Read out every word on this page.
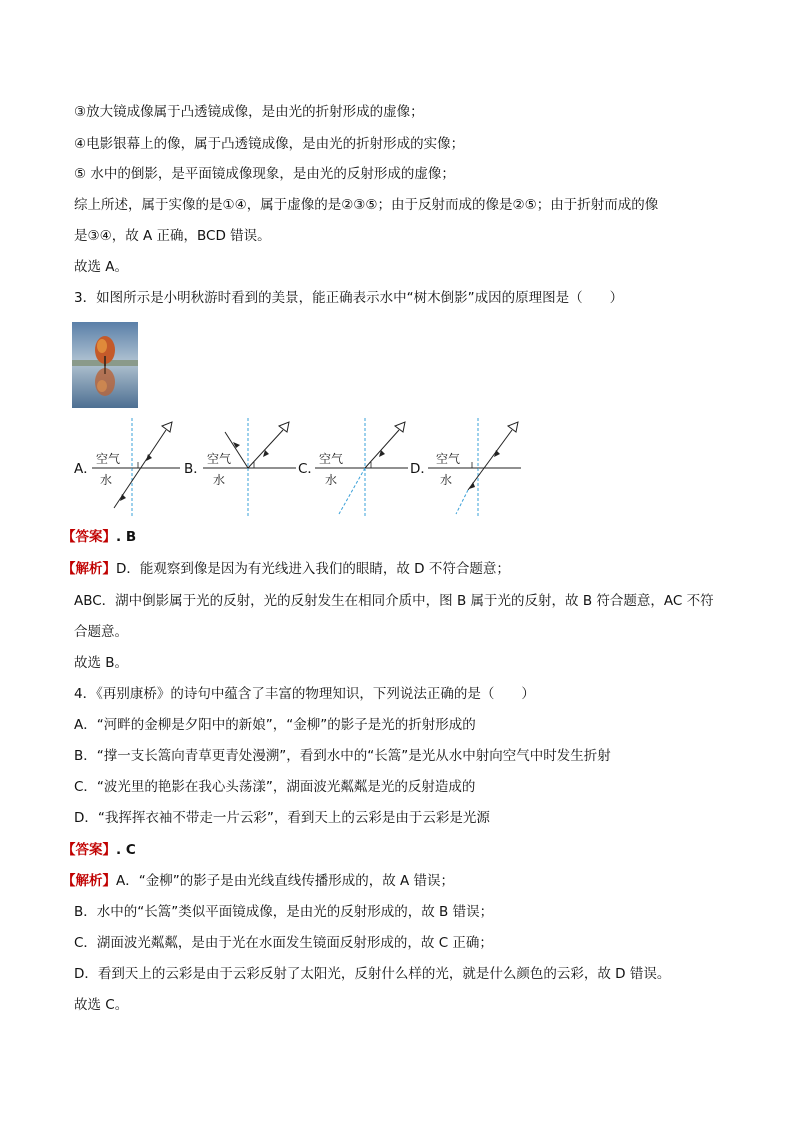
③放大镜成像属于凸透镜成像，是由光的折射形成的虚像；
④电影银幕上的像，属于凸透镜成像，是由光的折射形成的实像；
⑤ 水中的倒影，是平面镜成像现象，是由光的反射形成的虚像；
综上所述，属于实像的是①④，属于虚像的是②③⑤；由于反射而成的像是②⑤；由于折射而成的像
是③④，故 A 正确，BCD 错误。
故选 A。
3．如图所示是小明秋游时看到的美景，能正确表示水中“树木倒影”成因的原理图是（　　）
A．	B．	C．	D．
空气
水
空气
水
空气
水
空气
水
【答案】. B
【解析】D．能观察到像是因为有光线进入我们的眼睛，故 D 不符合题意；
ABC．湖中倒影属于光的反射，光的反射发生在相同介质中，图 B 属于光的反射，故 B 符合题意，AC 不符
合题意。
故选 B。
4．《再别康桥》的诗句中蕴含了丰富的物理知识，下列说法正确的是（　　）
A．“河畔的金柳是夕阳中的新娘”，“金柳”的影子是光的折射形成的
B．“撑一支长篙向青草更青处漫溯”，看到水中的“长篙”是光从水中射向空气中时发生折射
C．“波光里的艳影在我心头荡漾”，湖面波光粼粼是光的反射造成的
D．“我挥挥衣袖不带走一片云彩”，看到天上的云彩是由于云彩是光源
【答案】. C
【解析】A．“金柳”的影子是由光线直线传播形成的，故 A 错误；
B．水中的“长篙”类似平面镜成像，是由光的反射形成的，故 B 错误；
C．湖面波光粼粼，是由于光在水面发生镜面反射形成的，故 C 正确；
D．看到天上的云彩是由于云彩反射了太阳光，反射什么样的光，就是什么颜色的云彩，故 D 错误。
故选 C。
